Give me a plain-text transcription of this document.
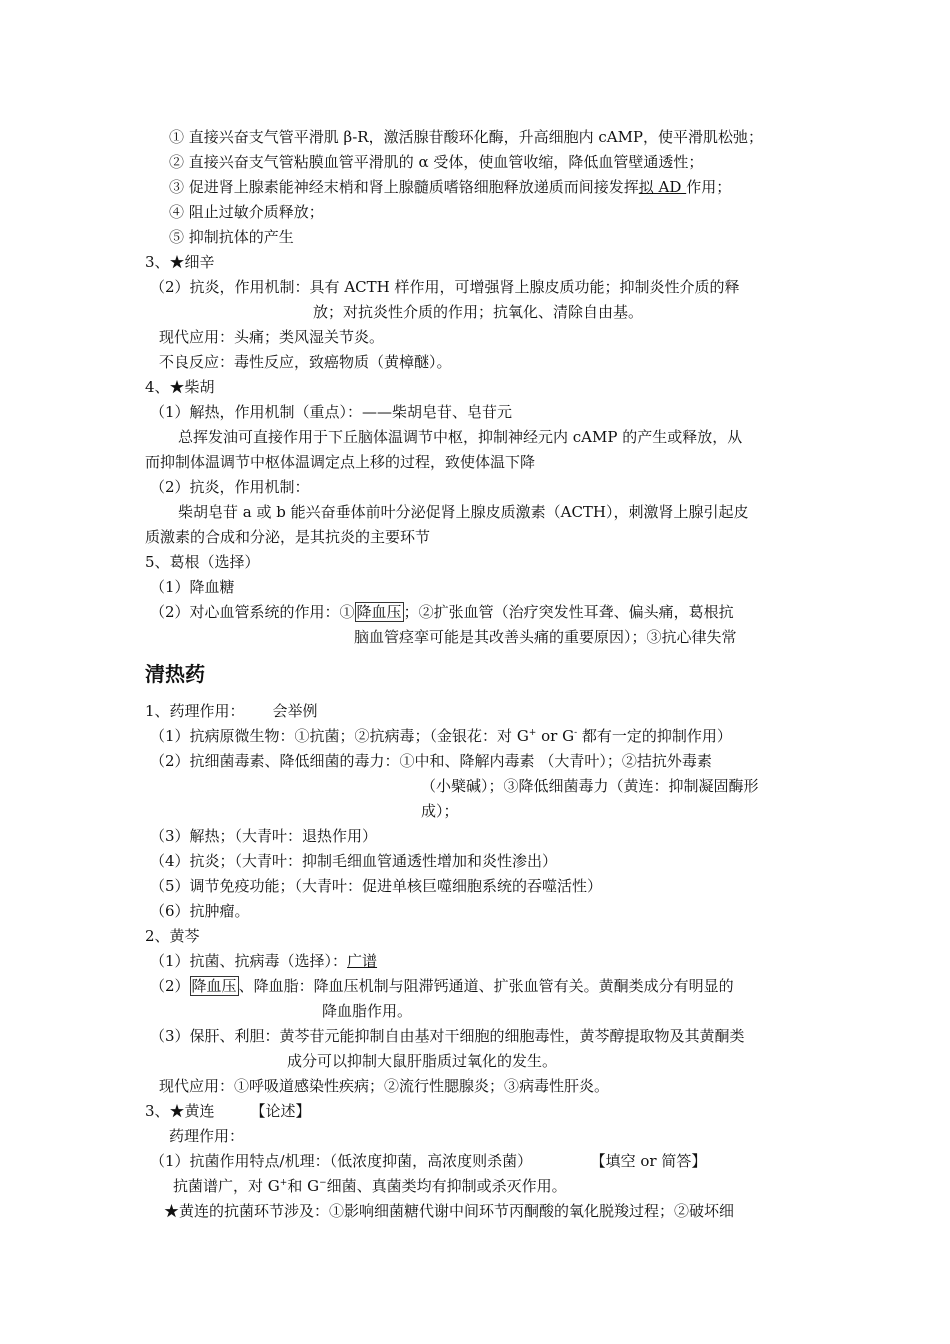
① 直接兴奋支气管平滑肌 β-R，激活腺苷酸环化酶，升高细胞内 cAMP，使平滑肌松弛；
② 直接兴奋支气管粘膜血管平滑肌的 α 受体，使血管收缩，降低血管壁通透性；
③ 促进肾上腺素能神经末梢和肾上腺髓质嗜铬细胞释放递质而间接发挥拟 AD 作用；
④ 阻止过敏介质释放；
⑤ 抑制抗体的产生
3、★细辛
（2）抗炎，作用机制：具有 ACTH 样作用，可增强肾上腺皮质功能；抑制炎性介质的释
放；对抗炎性介质的作用；抗氧化、清除自由基。
现代应用：头痛；类风湿关节炎。
不良反应：毒性反应，致癌物质（黄樟醚）。
4、★柴胡
（1）解热，作用机制（重点）：——柴胡皂苷、皂苷元
总挥发油可直接作用于下丘脑体温调节中枢，抑制神经元内 cAMP 的产生或释放，从
而抑制体温调节中枢体温调定点上移的过程，致使体温下降
（2）抗炎，作用机制：
柴胡皂苷 a 或 b 能兴奋垂体前叶分泌促肾上腺皮质激素（ACTH），刺激肾上腺引起皮
质激素的合成和分泌，是其抗炎的主要环节
5、葛根（选择）
（1）降血糖
（2）对心血管系统的作用：① 降血压 ；②扩张血管（治疗突发性耳聋、偏头痛，葛根抗
脑血管痉挛可能是其改善头痛的重要原因）；③抗心律失常
清热药
1、药理作用： 会举例
（1）抗病原微生物：①抗菌；②抗病毒；（金银花：对 G+ or G- 都有一定的抑制作用）
（2）抗细菌毒素、降低细菌的毒力：①中和、降解内毒素 （大青叶）；②拮抗外毒素
（小檗碱）；③降低细菌毒力（黄连：抑制凝固酶形
成）；
（3）解热；（大青叶：退热作用）
（4）抗炎；（大青叶：抑制毛细血管通透性增加和炎性渗出）
（5）调节免疫功能；（大青叶：促进单核巨噬细胞系统的吞噬活性）
（6）抗肿瘤。
2、黄芩
（1）抗菌、抗病毒（选择）：广谱
（2） 降血压 、降血脂：降血压机制与阻滞钙通道、扩张血管有关。黄酮类成分有明显的
降血脂作用。
（3）保肝、利胆：黄芩苷元能抑制自由基对干细胞的细胞毒性，黄芩醇提取物及其黄酮类
成分可以抑制大鼠肝脂质过氧化的发生。
现代应用：①呼吸道感染性疾病；②流行性腮腺炎；③病毒性肝炎。
3、★黄连 【论述】
药理作用：
（1）抗菌作用特点/机理：（低浓度抑菌，高浓度则杀菌）	【填空 or 简答】
抗菌谱广，对 G+和 G−细菌、真菌类均有抑制或杀灭作用。
★黄连的抗菌环节涉及：①影响细菌糖代谢中间环节丙酮酸的氧化脱羧过程；②破坏细
